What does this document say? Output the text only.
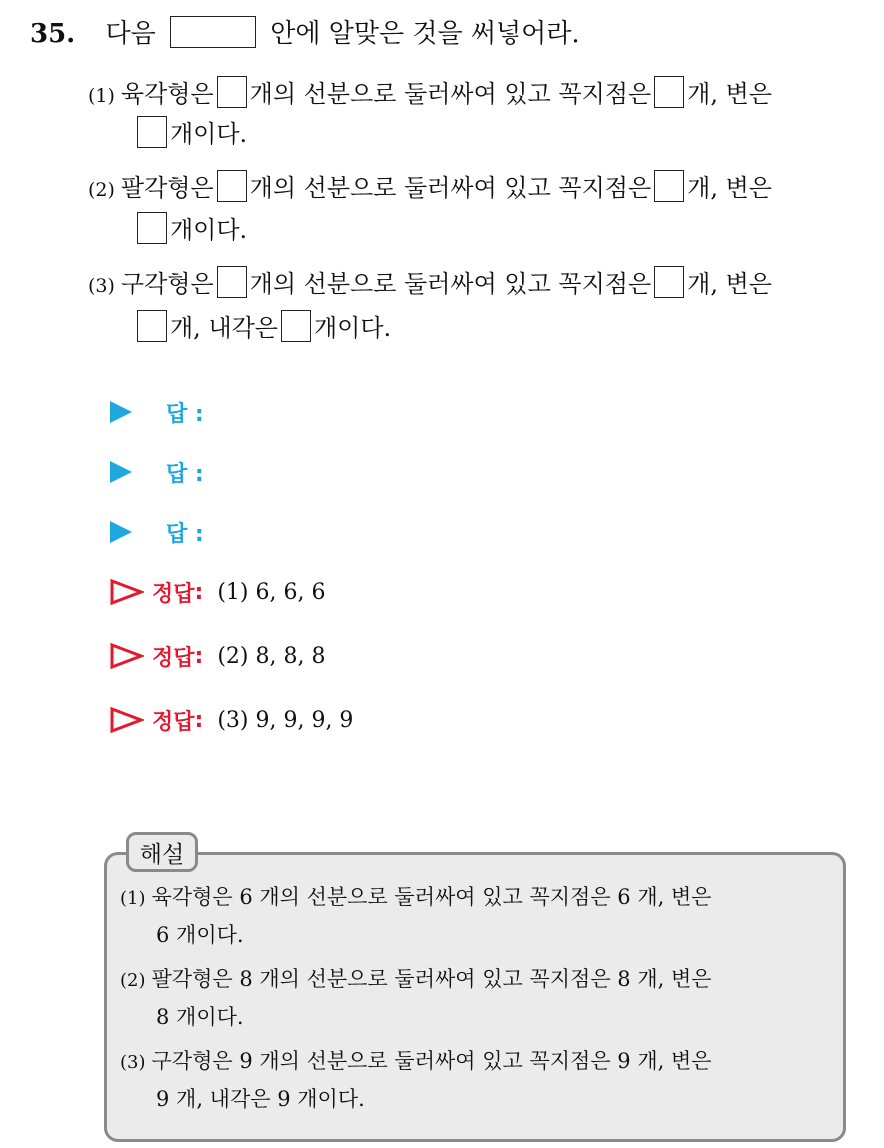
35. 다음	안에 알맞은 것을 써넣어라.
(1) 육각형은 개의 선분으로 둘러싸여 있고 꼭지점은 개, 변은
개이다.
(2) 팔각형은 개의 선분으로 둘러싸여 있고 꼭지점은 개, 변은
개이다.
(3) 구각형은 개의 선분으로 둘러싸여 있고 꼭지점은 개, 변은
개, 내각은 개이다.
답 :
답 :
답 :
정답 : (1) 6, 6, 6
정답 : (2) 8, 8, 8
정답 : (3) 9, 9, 9, 9
해설
(1) 육각형은 6 개의 선분으로 둘러싸여 있고 꼭지점은 6 개, 변은
6 개이다.
(2) 팔각형은 8 개의 선분으로 둘러싸여 있고 꼭지점은 8 개, 변은
8 개이다.
(3) 구각형은 9 개의 선분으로 둘러싸여 있고 꼭지점은 9 개, 변은
9 개, 내각은 9 개이다.
